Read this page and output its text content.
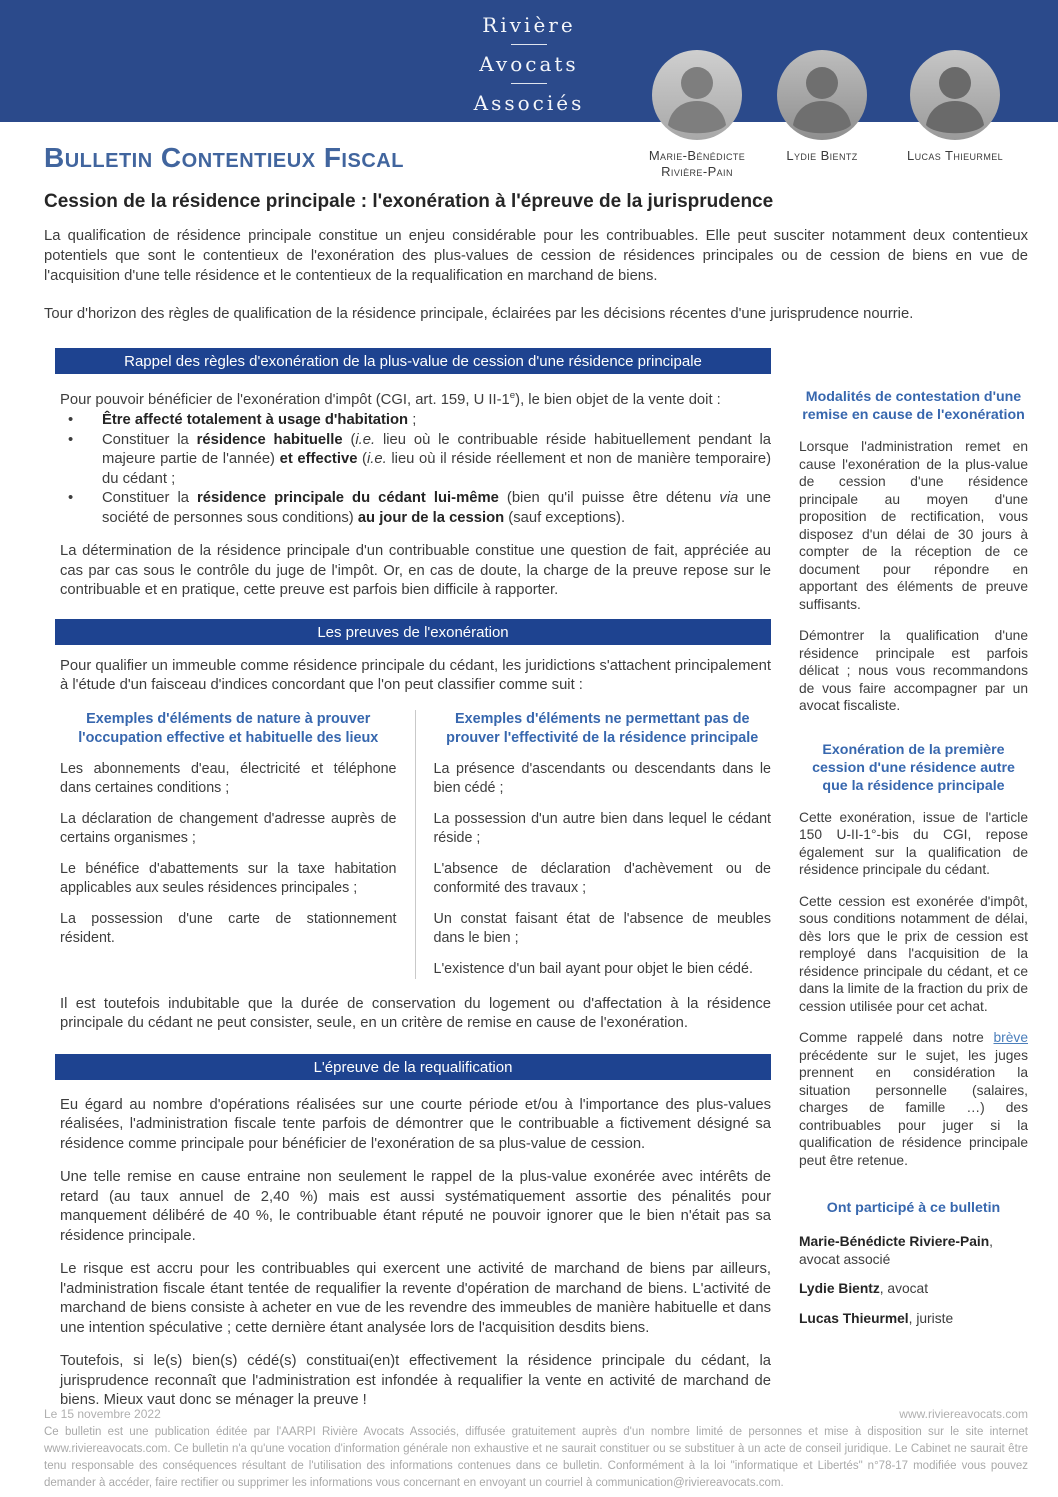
Rivière
Avocats
Associés
Marie-Bénédicte
Rivière-Pain
Lydie Bientz	Lucas Thieurmel
Bulletin Contentieux Fiscal
Cession de la résidence principale : l'exonération à l'épreuve de la jurisprudence

La qualification de résidence principale constitue un enjeu considérable pour les contribuables. Elle peut susciter notamment deux contentieux potentiels que sont le contentieux de l'exonération des plus-values de cession de résidences principales ou de cession de biens en vue de l'acquisition d'une telle résidence et le contentieux de la requalification en marchand de biens.

Tour d'horizon des règles de qualification de la résidence principale, éclairées par les décisions récentes d'une jurisprudence nourrie.

Rappel des règles d'exonération de la plus-value de cession d'une résidence principale

Pour pouvoir bénéficier de l'exonération d'impôt (CGI, art. 159, U II-1e), le bien objet de la vente doit :

•	Être affecté totalement à usage d'habitation ;
•	Constituer la résidence habituelle (i.e. lieu où le contribuable réside habituellement pendant la majeure partie de l'année) et effective (i.e. lieu où il réside réellement et non de manière temporaire) du cédant ;
•	Constituer la résidence principale du cédant lui-même (bien qu'il puisse être détenu via une société de personnes sous conditions) au jour de la cession (sauf exceptions).

La détermination de la résidence principale d'un contribuable constitue une question de fait, appréciée au cas par cas sous le contrôle du juge de l'impôt. Or, en cas de doute, la charge de la preuve repose sur le contribuable et en pratique, cette preuve est parfois bien difficile à rapporter.

Les preuves de l'exonération

Pour qualifier un immeuble comme résidence principale du cédant, les juridictions s'attachent principalement à l'étude d'un faisceau d'indices concordant que l'on peut classifier comme suit :

Exemples d'éléments de nature à prouver l'occupation effective et habituelle des lieux

Les abonnements d'eau, électricité et téléphone dans certaines conditions ;

La déclaration de changement d'adresse auprès de certains organismes ;

Le bénéfice d'abattements sur la taxe habitation applicables aux seules résidences principales ;

La possession d'une carte de stationnement résident.

Exemples d'éléments ne permettant pas de prouver l'effectivité de la résidence principale

La présence d'ascendants ou descendants dans le bien cédé ;

La possession d'un autre bien dans lequel le cédant réside ;

L'absence de déclaration d'achèvement ou de conformité des travaux ;

Un constat faisant état de l'absence de meubles dans le bien ;

L'existence d'un bail ayant pour objet le bien cédé.

Il est toutefois indubitable que la durée de conservation du logement ou d'affectation à la résidence principale du cédant ne peut consister, seule, en un critère de remise en cause de l'exonération.

L'épreuve de la requalification

Eu égard au nombre d'opérations réalisées sur une courte période et/ou à l'importance des plus-values réalisées, l'administration fiscale tente parfois de démontrer que le contribuable a fictivement désigné sa résidence comme principale pour bénéficier de l'exonération de sa plus-value de cession.

Une telle remise en cause entraine non seulement le rappel de la plus-value exonérée avec intérêts de retard (au taux annuel de 2,40 %) mais est aussi systématiquement assortie des pénalités pour manquement délibéré de 40 %, le contribuable étant réputé ne pouvoir ignorer que le bien n'était pas sa résidence principale.

Le risque est accru pour les contribuables qui exercent une activité de marchand de biens par ailleurs, l'administration fiscale étant tentée de requalifier la revente d'opération de marchand de biens. L'activité de marchand de biens consiste à acheter en vue de les revendre des immeubles de manière habituelle et dans une intention spéculative ; cette dernière étant analysée lors de l'acquisition desdits biens.

Toutefois, si le(s) bien(s) cédé(s) constituai(en)t effectivement la résidence principale du cédant, la jurisprudence reconnaît que l'administration est infondée à requalifier la vente en activité de marchand de biens. Mieux vaut donc se ménager la preuve !

Modalités de contestation d'une remise en cause de l'exonération

Lorsque l'administration remet en cause l'exonération de la plus-value de cession d'une résidence principale au moyen d'une proposition de rectification, vous disposez d'un délai de 30 jours à compter de la réception de ce document pour répondre en apportant des éléments de preuve suffisants.

Démontrer la qualification d'une résidence principale est parfois délicat ; nous vous recommandons de vous faire accompagner par un avocat fiscaliste.

Exonération de la première cession d'une résidence autre que la résidence principale

Cette exonération, issue de l'article 150 U-II-1°-bis du CGI, repose également sur la qualification de résidence principale du cédant.

Cette cession est exonérée d'impôt, sous conditions notamment de délai, dès lors que le prix de cession est remployé dans l'acquisition de la résidence principale du cédant, et ce dans la limite de la fraction du prix de cession utilisée pour cet achat.

Comme rappelé dans notre brève précédente sur le sujet, les juges prennent en considération la situation personnelle (salaires, charges de famille …) des contribuables pour juger si la qualification de résidence principale peut être retenue.

Ont participé à ce bulletin

Marie-Bénédicte Riviere-Pain, avocat associé

Lydie Bientz, avocat

Lucas Thieurmel, juriste

Le 15 novembre 2022	www.riviereavocats.com
Ce bulletin est une publication éditée par l'AARPI Rivière Avocats Associés, diffusée gratuitement auprès d'un nombre limité de personnes et mise à disposition sur le site internet www.riviereavocats.com. Ce bulletin n'a qu'une vocation d'information générale non exhaustive et ne saurait constituer ou se substituer à un acte de conseil juridique. Le Cabinet ne saurait être tenu responsable des conséquences résultant de l'utilisation des informations contenues dans ce bulletin. Conformément à la loi "informatique et Libertés" n°78-17 modifiée vous pouvez demander à accéder, faire rectifier ou supprimer les informations vous concernant en envoyant un courriel à communication@riviereavocats.com.
